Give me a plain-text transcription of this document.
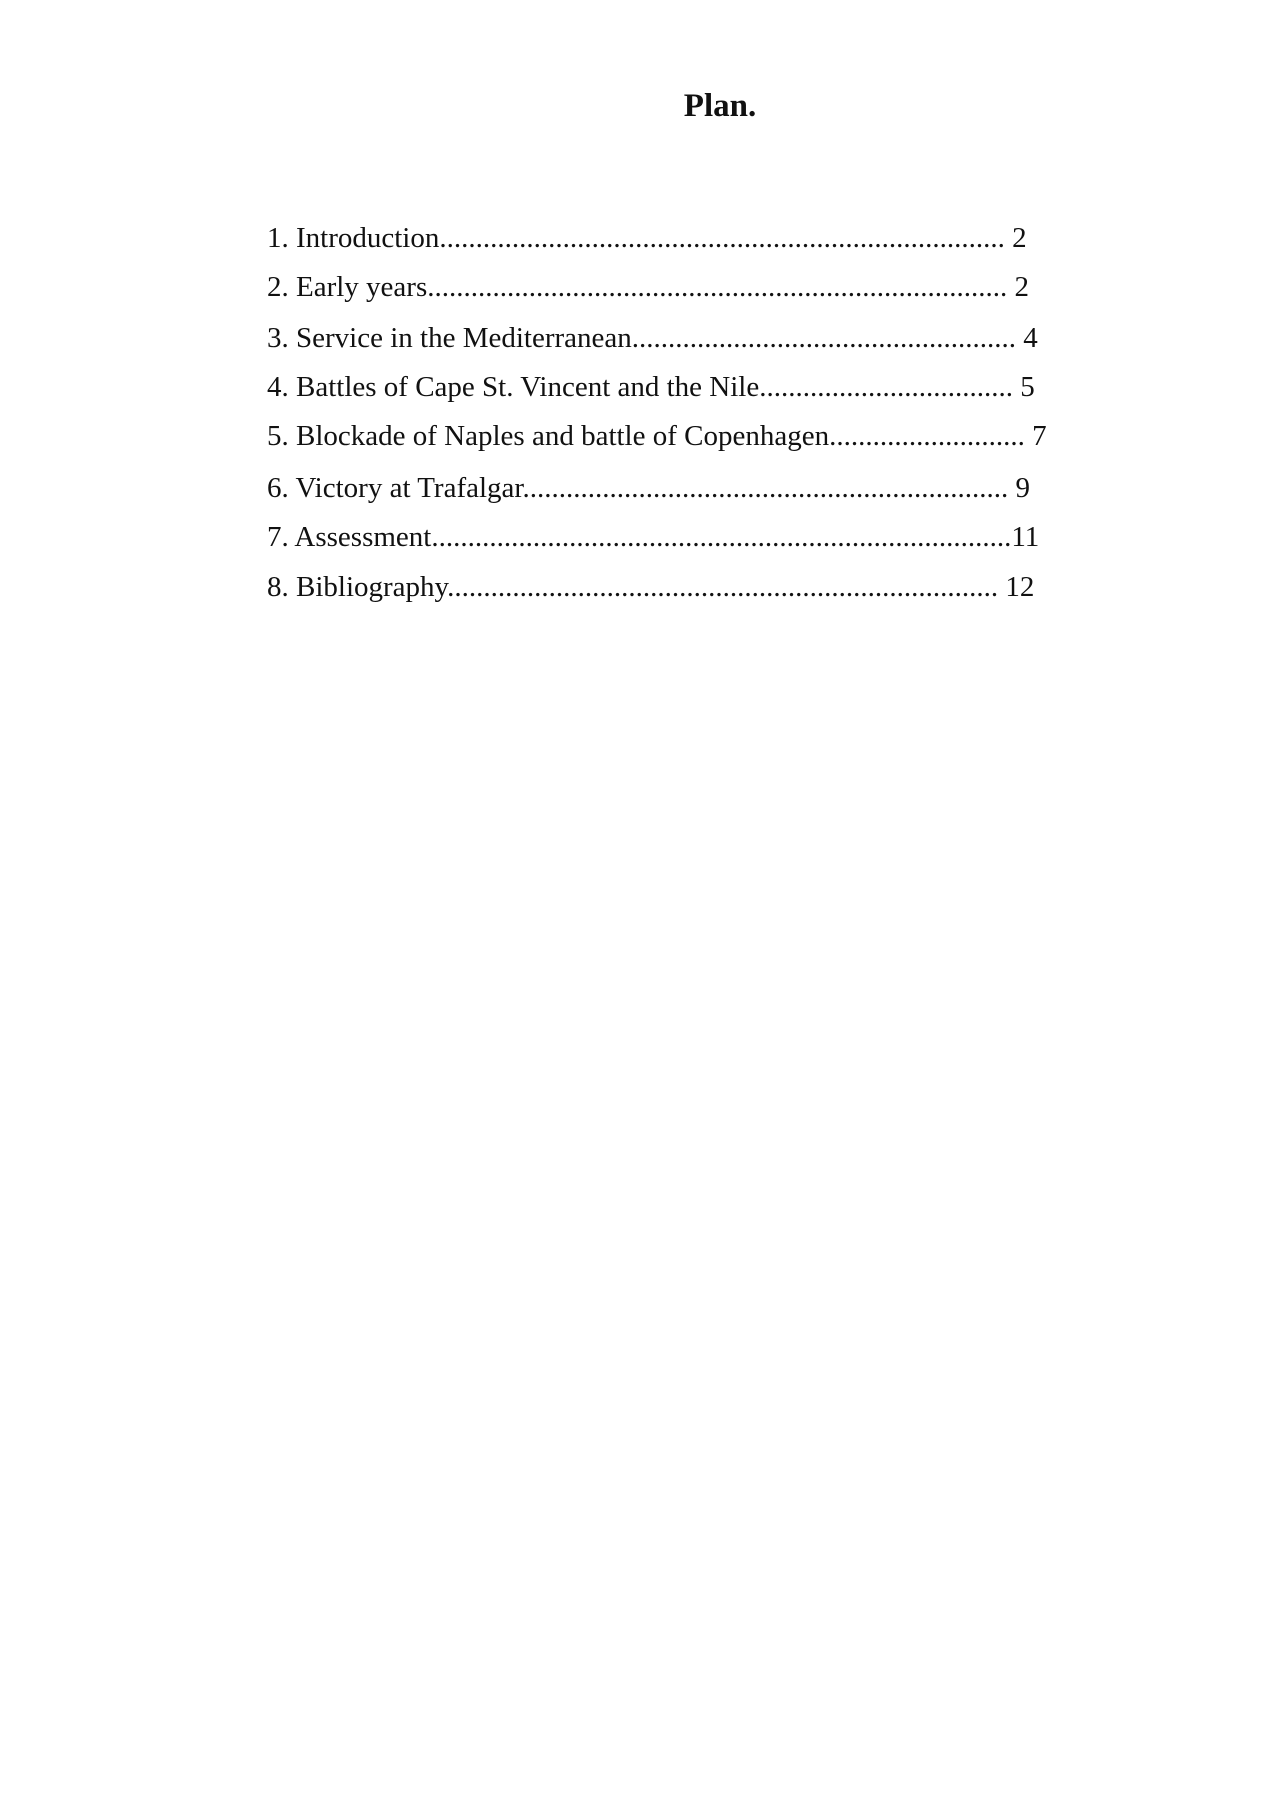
Plan.
1. Introduction.............................................................................. 2
2. Early years................................................................................ 2
3. Service in the Mediterranean..................................................... 4
4. Battles of Cape St. Vincent and the Nile................................... 5
5. Blockade of Naples and battle of Copenhagen........................... 7
6. Victory at Trafalgar................................................................... 9
7. Assessment................................................................................11
8. Bibliography............................................................................ 12
